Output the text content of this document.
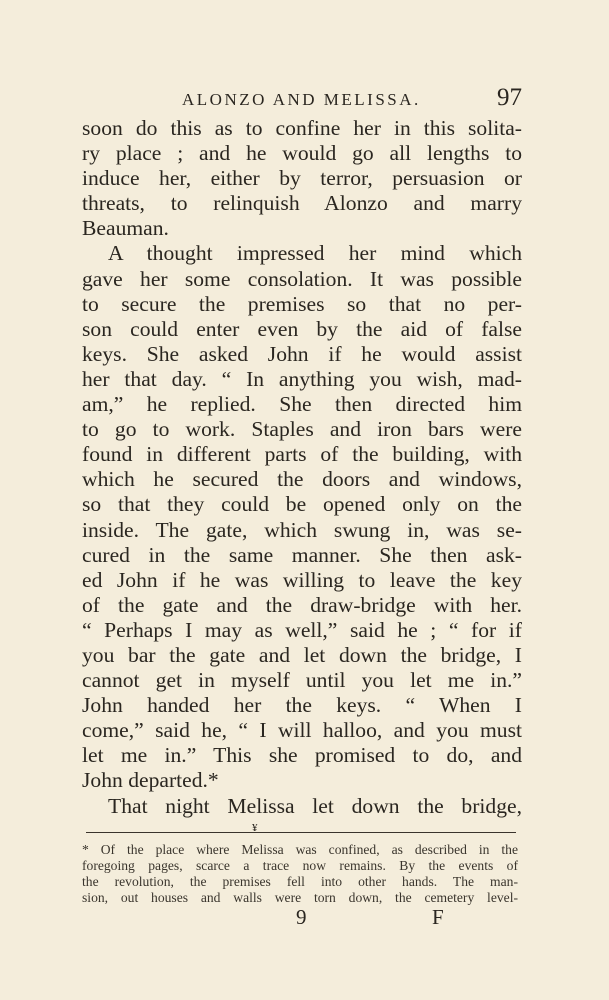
ALONZO AND MELISSA.	97
soon do this as to confine her in this solita-
ry place ; and he would go all lengths to
induce her, either by terror, persuasion or
threats, to relinquish Alonzo and marry
Beauman.
A thought impressed her mind which
gave her some consolation. It was possible
to secure the premises so that no per-
son could enter even by the aid of false
keys. She asked John if he would assist
her that day. “ In anything you wish, mad-
am,” he replied. She then directed him
to go to work. Staples and iron bars were
found in different parts of the building, with
which he secured the doors and windows,
so that they could be opened only on the
inside. The gate, which swung in, was se-
cured in the same manner. She then ask-
ed John if he was willing to leave the key
of the gate and the draw-bridge with her.
“ Perhaps I may as well,” said he ; “ for if
you bar the gate and let down the bridge, I
cannot get in myself until you let me in.”
John handed her the keys. “ When I
come,” said he, “ I will halloo, and you must
let me in.” This she promised to do, and
John departed.*
That night Melissa let down the bridge,
¥
* Of the place where Melissa was confined, as described in the
foregoing pages, scarce a trace now remains. By the events of
the revolution, the premises fell into other hands. The man-
sion, out houses and walls were torn down, the cemetery level-
9	F
